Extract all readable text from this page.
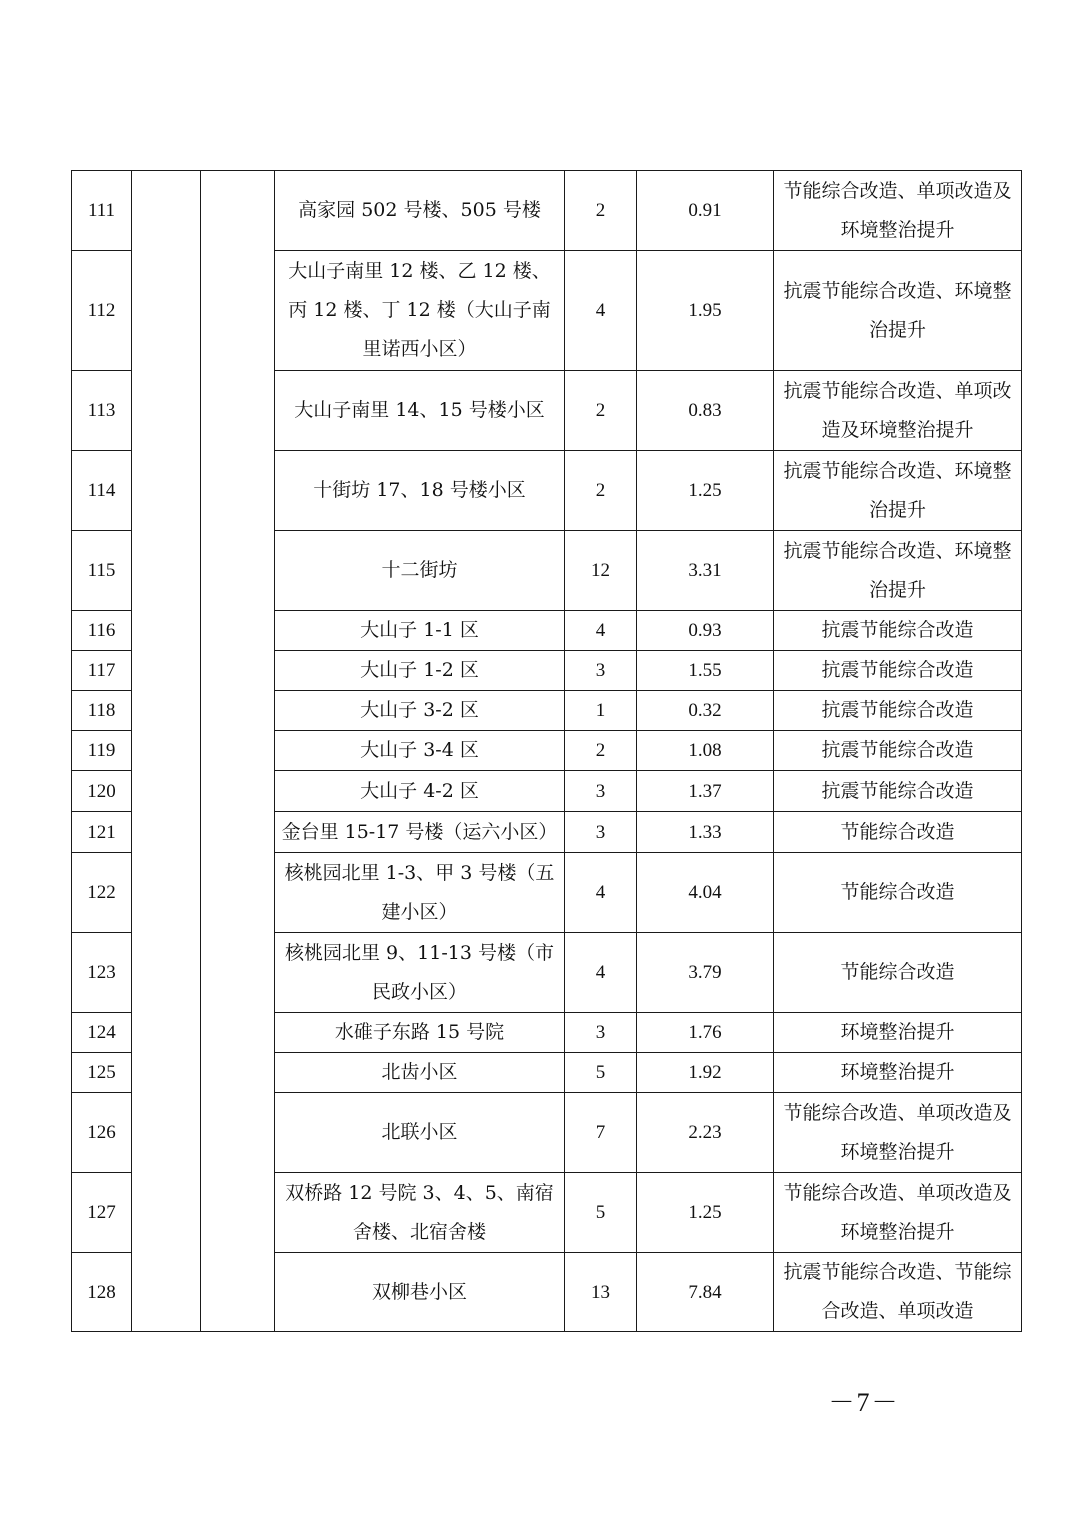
111			高家园 502 号楼、505 号楼	2	0.91	节能综合改造、单项改造及环境整治提升
112			大山子南里 12 楼、乙 12 楼、丙 12 楼、丁 12 楼（大山子南里诺西小区）	4	1.95	抗震节能综合改造、环境整治提升
113			大山子南里 14、15 号楼小区	2	0.83	抗震节能综合改造、单项改造及环境整治提升
114			十街坊 17、18 号楼小区	2	1.25	抗震节能综合改造、环境整治提升
115			十二街坊	12	3.31	抗震节能综合改造、环境整治提升
116			大山子 1-1 区	4	0.93	抗震节能综合改造
117			大山子 1-2 区	3	1.55	抗震节能综合改造
118			大山子 3-2 区	1	0.32	抗震节能综合改造
119			大山子 3-4 区	2	1.08	抗震节能综合改造
120			大山子 4-2 区	3	1.37	抗震节能综合改造
121			金台里 15-17 号楼（运六小区）	3	1.33	节能综合改造
122			核桃园北里 1-3、甲 3 号楼（五建小区）	4	4.04	节能综合改造
123			核桃园北里 9、11-13 号楼（市民政小区）	4	3.79	节能综合改造
124			水碓子东路 15 号院	3	1.76	环境整治提升
125			北齿小区	5	1.92	环境整治提升
126			北联小区	7	2.23	节能综合改造、单项改造及环境整治提升
127			双桥路 12 号院 3、4、5、南宿舍楼、北宿舍楼	5	1.25	节能综合改造、单项改造及环境整治提升
128			双柳巷小区	13	7.84	抗震节能综合改造、节能综合改造、单项改造
－7－
